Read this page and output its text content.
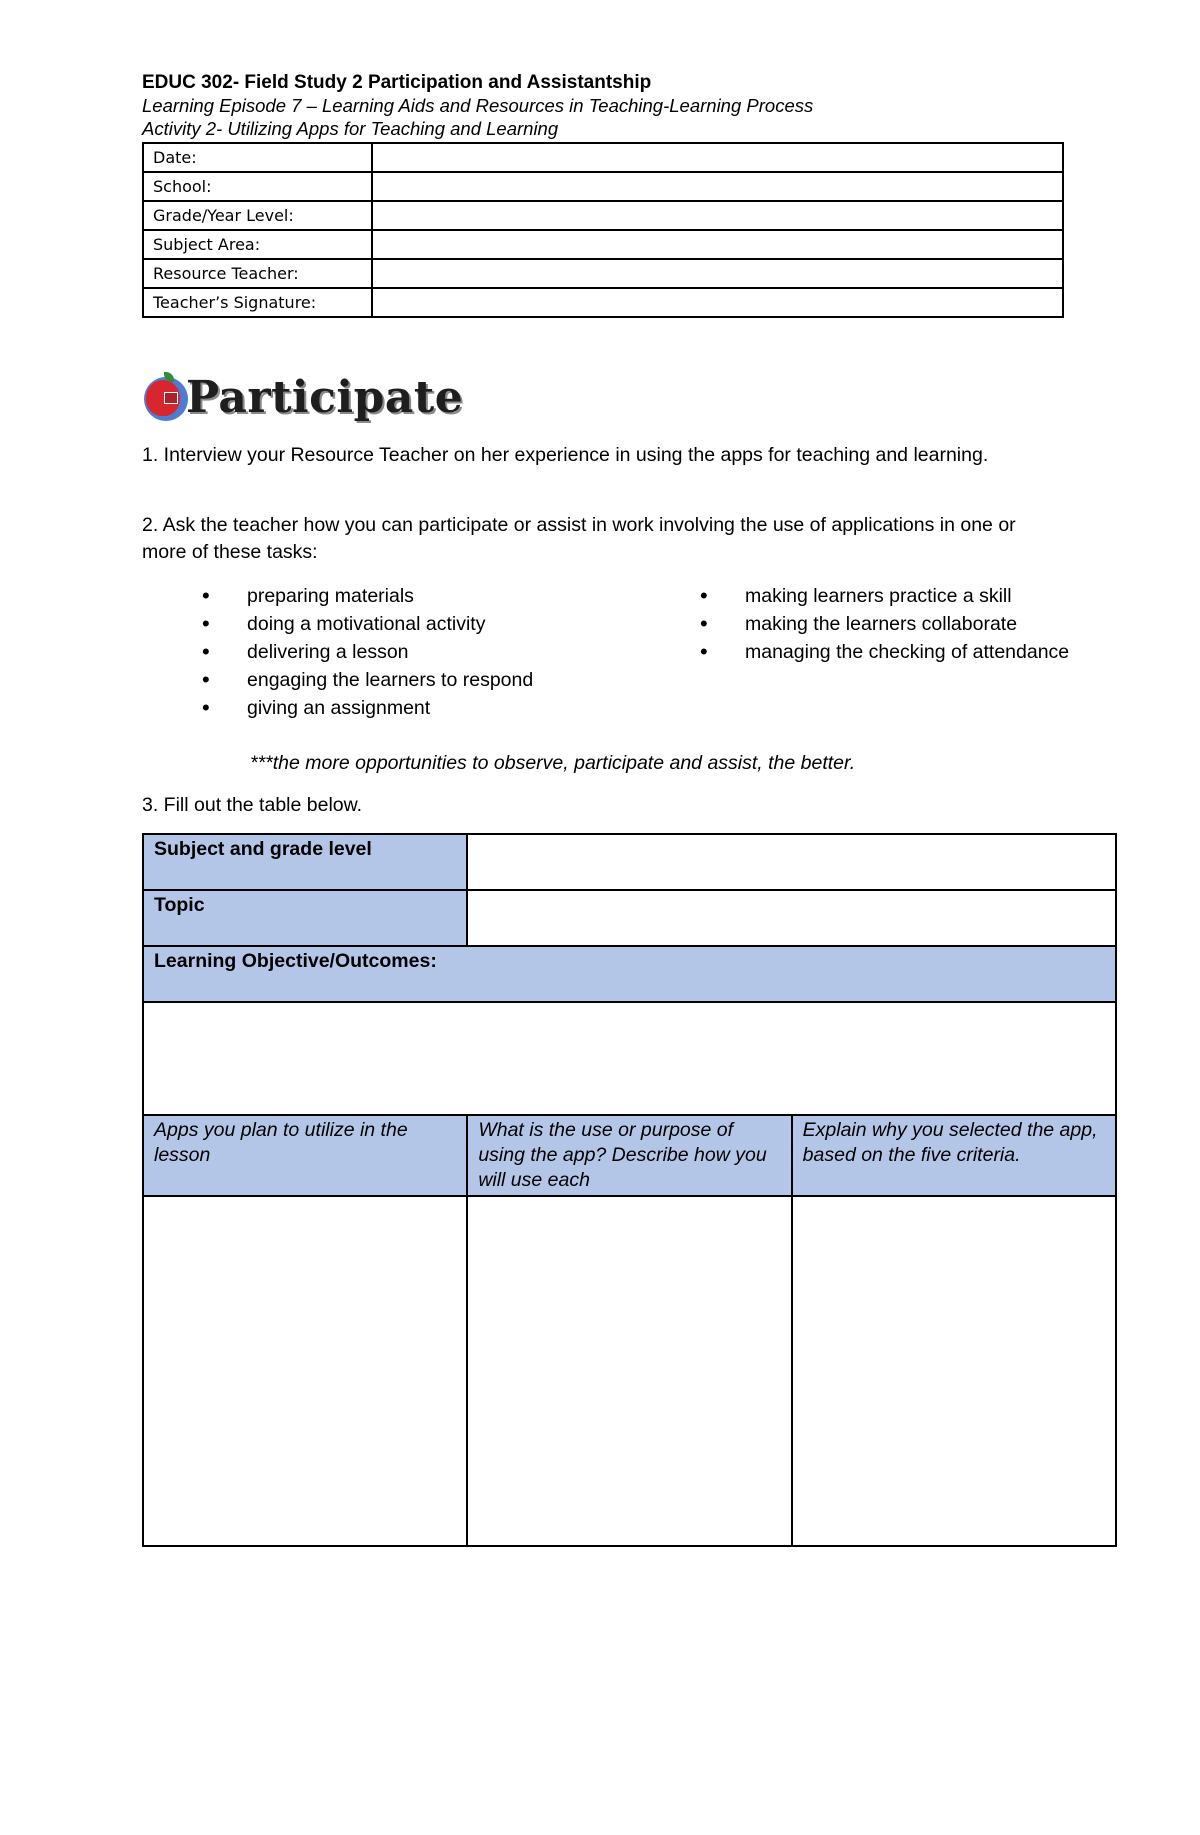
EDUC 302- Field Study 2 Participation and Assistantship
Learning Episode 7 – Learning Aids and Resources in Teaching-Learning Process
Activity 2- Utilizing Apps for Teaching and Learning
Date:	
School:	
Grade/Year Level:	
Subject Area:	
Resource Teacher:	
Teacher’s Signature:	
Participate
1. Interview your Resource Teacher on her experience in using the apps for teaching and learning.
2. Ask the teacher how you can participate or assist in work involving the use of applications in one or more of these tasks:
• preparing materials
• doing a motivational activity
• delivering a lesson
• engaging the learners to respond
• giving an assignment
• making learners practice a skill
• making the learners collaborate
• managing the checking of attendance
***the more opportunities to observe, participate and assist, the better.
3. Fill out the table below.
Subject and grade level		
Topic		
Learning Objective/Outcomes:		

Apps you plan to utilize in the lesson	What is the use or purpose of using the app? Describe how you will use each	Explain why you selected the app, based on the five criteria.
